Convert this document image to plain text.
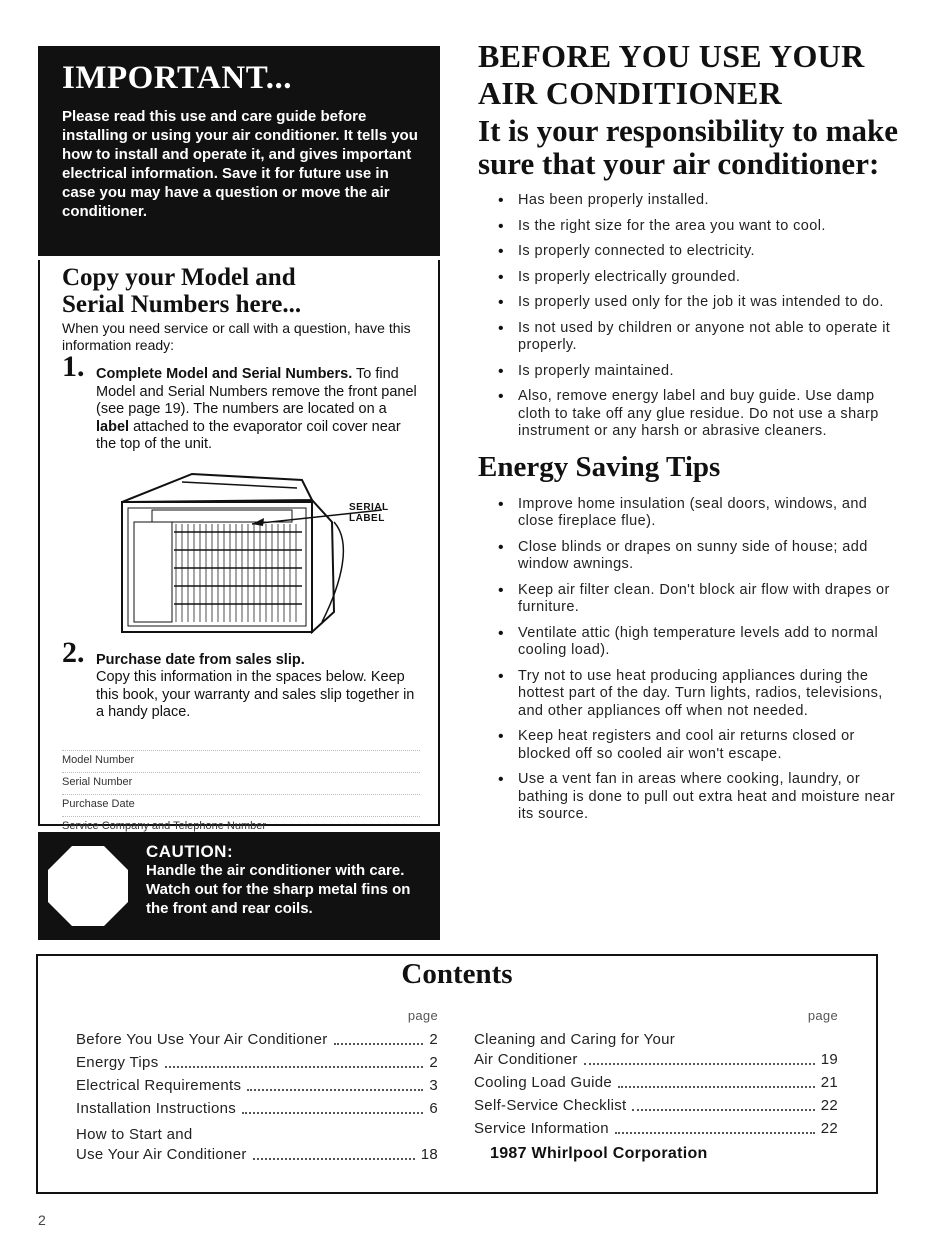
IMPORTANT...

Please read this use and care guide before installing or using your air conditioner. It tells you how to install and operate it, and gives important electrical information. Save it for future use in case you may have a question or move the air conditioner.

Copy your Model and
Serial Numbers here...

When you need service or call with a question, have this information ready:

1. Complete Model and Serial Numbers. To find Model and Serial Numbers remove the front panel (see page 19). The numbers are located on a label attached to the evaporator coil cover near the top of the unit.
SERIAL LABEL
2. Purchase date from sales slip.
Copy this information in the spaces below. Keep this book, your warranty and sales slip together in a handy place.
Model Number
Serial Number
Purchase Date
Service Company and Telephone Number
CAUTION:
Handle the air conditioner with care. Watch out for the sharp metal fins on the front and rear coils.
BEFORE YOU USE YOUR
AIR CONDITIONER
It is your responsibility to make
sure that your air conditioner:
• Has been properly installed.
• Is the right size for the area you want to cool.
• Is properly connected to electricity.
• Is properly electrically grounded.
• Is properly used only for the job it was intended to do.
• Is not used by children or anyone not able to operate it properly.
• Is properly maintained.
• Also, remove energy label and buy guide. Use damp cloth to take off any glue residue. Do not use a sharp instrument or any harsh or abrasive cleaners.
Energy Saving Tips
• Improve home insulation (seal doors, windows, and close fireplace flue).
• Close blinds or drapes on sunny side of house; add window awnings.
• Keep air filter clean. Don't block air flow with drapes or furniture.
• Ventilate attic (high temperature levels add to normal cooling load).
• Try not to use heat producing appliances during the hottest part of the day. Turn lights, radios, televisions, and other appliances off when not needed.
• Keep heat registers and cool air returns closed or blocked off so cooled air won't escape.
• Use a vent fan in areas where cooking, laundry, or bathing is done to pull out extra heat and moisture near its source.
Contents
page
Before You Use Your Air Conditioner	2
Energy Tips	2
Electrical Requirements	3
Installation Instructions	6
How to Start and
Use Your Air Conditioner	18
page
Cleaning and Caring for Your
Air Conditioner	19
Cooling Load Guide	21
Self-Service Checklist	22
Service Information	22
1987 Whirlpool Corporation
2
